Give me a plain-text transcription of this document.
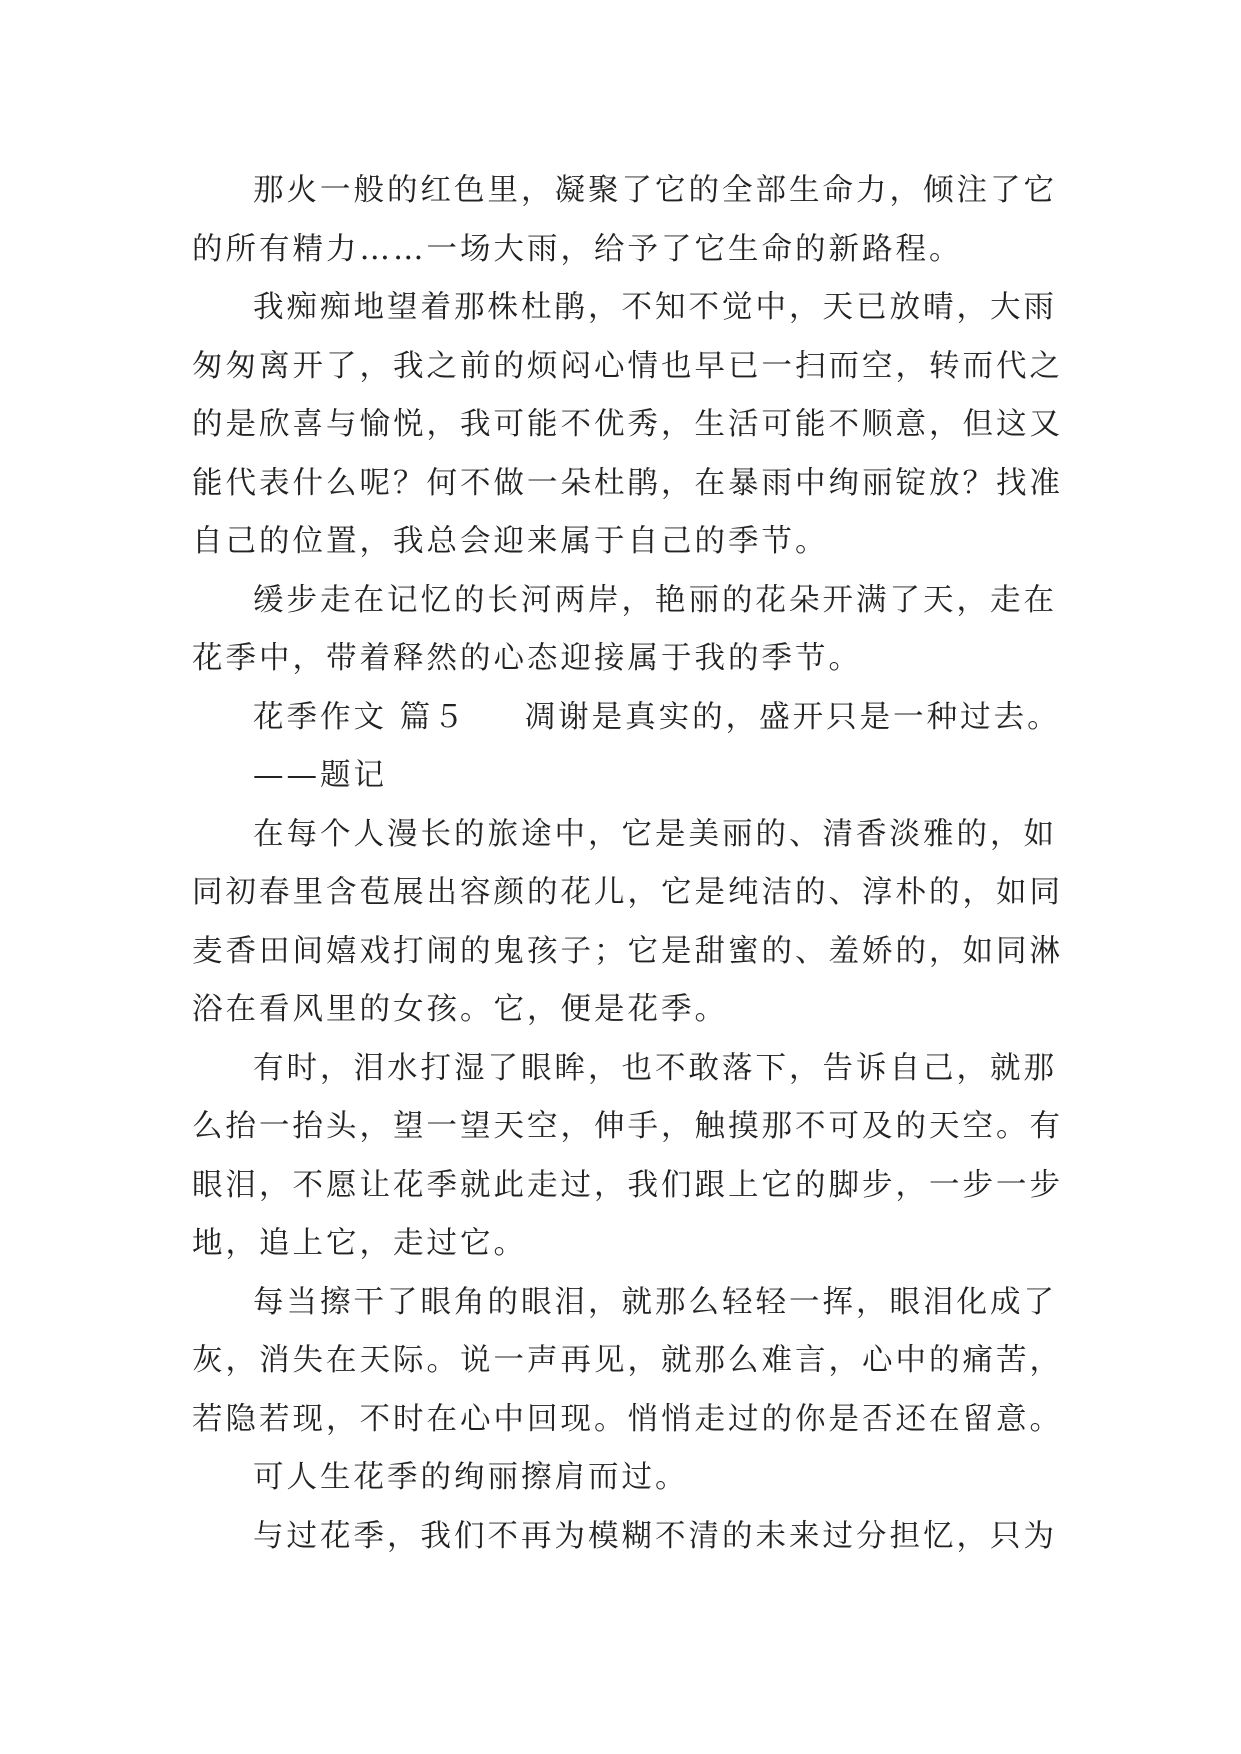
那火一般的红色里，凝聚了它的全部生命力，倾注了它
的所有精力……一场大雨，给予了它生命的新路程。
我痴痴地望着那株杜鹃，不知不觉中，天已放晴，大雨
匆匆离开了，我之前的烦闷心情也早已一扫而空，转而代之
的是欣喜与愉悦，我可能不优秀，生活可能不顺意，但这又
能代表什么呢？何不做一朵杜鹃，在暴雨中绚丽锭放？找准
自己的位置，我总会迎来属于自己的季节。
缓步走在记忆的长河两岸，艳丽的花朵开满了天，走在
花季中，带着释然的心态迎接属于我的季节。
花季作文 篇５ 凋谢是真实的，盛开只是一种过去。
——题记
在每个人漫长的旅途中，它是美丽的、清香淡雅的，如
同初春里含苞展出容颜的花儿，它是纯洁的、淳朴的，如同
麦香田间嬉戏打闹的鬼孩子；它是甜蜜的、羞娇的，如同淋
浴在看风里的女孩。它，便是花季。
有时，泪水打湿了眼眸，也不敢落下，告诉自己，就那
么抬一抬头，望一望天空，伸手，触摸那不可及的天空。有
眼泪，不愿让花季就此走过，我们跟上它的脚步，一步一步
地，追上它，走过它。
每当擦干了眼角的眼泪，就那么轻轻一挥，眼泪化成了
灰，消失在天际。说一声再见，就那么难言，心中的痛苦，
若隐若现，不时在心中回现。悄悄走过的你是否还在留意。
可人生花季的绚丽擦肩而过。
与过花季，我们不再为模糊不清的未来过分担忆，只为
